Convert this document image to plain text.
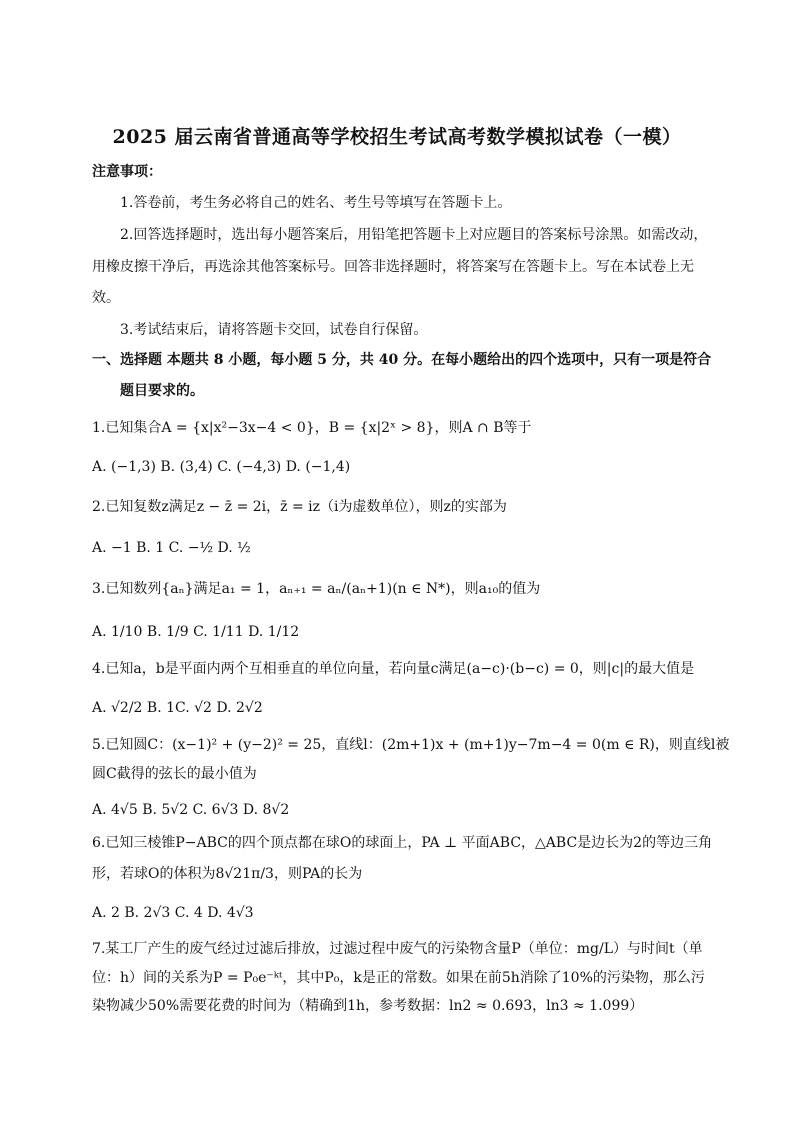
2025 届云南省普通高等学校招生考试高考数学模拟试卷（一模）
注意事项：
1.答卷前，考生务必将自己的姓名、考生号等填写在答题卡上。
2.回答选择题时，选出每小题答案后，用铅笔把答题卡上对应题目的答案标号涂黑。如需改动，
用橡皮擦干净后，再选涂其他答案标号。回答非选择题时，将答案写在答题卡上。写在本试卷上无
效。
3.考试结束后，请将答题卡交回，试卷自行保留。
一、选择题 本题共 8 小题，每小题 5 分，共 40 分。在每小题给出的四个选项中，只有一项是符合
题目要求的。
1.已知集合A = {x|x²−3x−4 < 0}，B = {x|2ˣ > 8}，则A ∩ B等于
A. (−1,3) B. (3,4) C. (−4,3) D. (−1,4)
2.已知复数z满足z − z̄ = 2i，z̄ = iz（i为虚数单位），则z的实部为
A. −1 B. 1 C. −½ D. ½
3.已知数列{aₙ}满足a₁ = 1，aₙ₊₁ = aₙ/(aₙ+1)(n ∈ N*)，则a₁₀的值为
A. 1/10 B. 1/9 C. 1/11 D. 1/12
4.已知a，b是平面内两个互相垂直的单位向量，若向量c满足(a−c)·(b−c) = 0，则|c|的最大值是
A. √2/2 B. 1C. √2 D. 2√2
5.已知圆C：(x−1)² + (y−2)² = 25，直线l：(2m+1)x + (m+1)y−7m−4 = 0(m ∈ R)，则直线l被
圆C截得的弦长的最小值为
A. 4√5 B. 5√2 C. 6√3 D. 8√2
6.已知三棱锥P−ABC的四个顶点都在球O的球面上，PA ⊥ 平面ABC，△ABC是边长为2的等边三角
形，若球O的体积为8√21π/3，则PA的长为
A. 2 B. 2√3 C. 4 D. 4√3
7.某工厂产生的废气经过过滤后排放，过滤过程中废气的污染物含量P（单位：mg/L）与时间t（单
位：h）间的关系为P = P₀e⁻ᵏᵗ，其中P₀，k是正的常数。如果在前5h消除了10%的污染物，那么污
染物减少50%需要花费的时间为（精确到1h，参考数据：ln2 ≈ 0.693，ln3 ≈ 1.099）
